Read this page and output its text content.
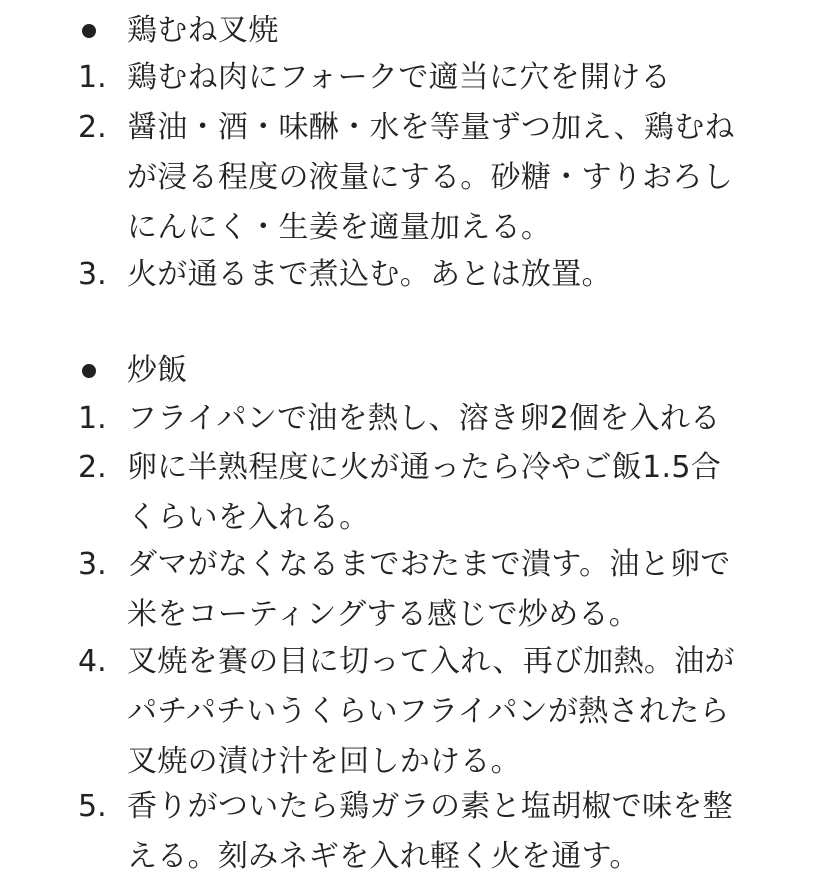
鶏むね叉焼
1. 鶏むね肉にフォークで適当に穴を開ける
2. 醤油・酒・味醂・水を等量ずつ加え、鶏むね
が浸る程度の液量にする。砂糖・すりおろし
にんにく・生姜を適量加える。
3. 火が通るまで煮込む。あとは放置。
炒飯
1. フライパンで油を熱し、溶き卵2個を入れる
2. 卵に半熟程度に火が通ったら冷やご飯1.5合
くらいを入れる。
3. ダマがなくなるまでおたまで潰す。油と卵で
米をコーティングする感じで炒める。
4. 叉焼を賽の目に切って入れ、再び加熱。油が
パチパチいうくらいフライパンが熱されたら
叉焼の漬け汁を回しかける。
5. 香りがついたら鶏ガラの素と塩胡椒で味を整
える。刻みネギを入れ軽く火を通す。
